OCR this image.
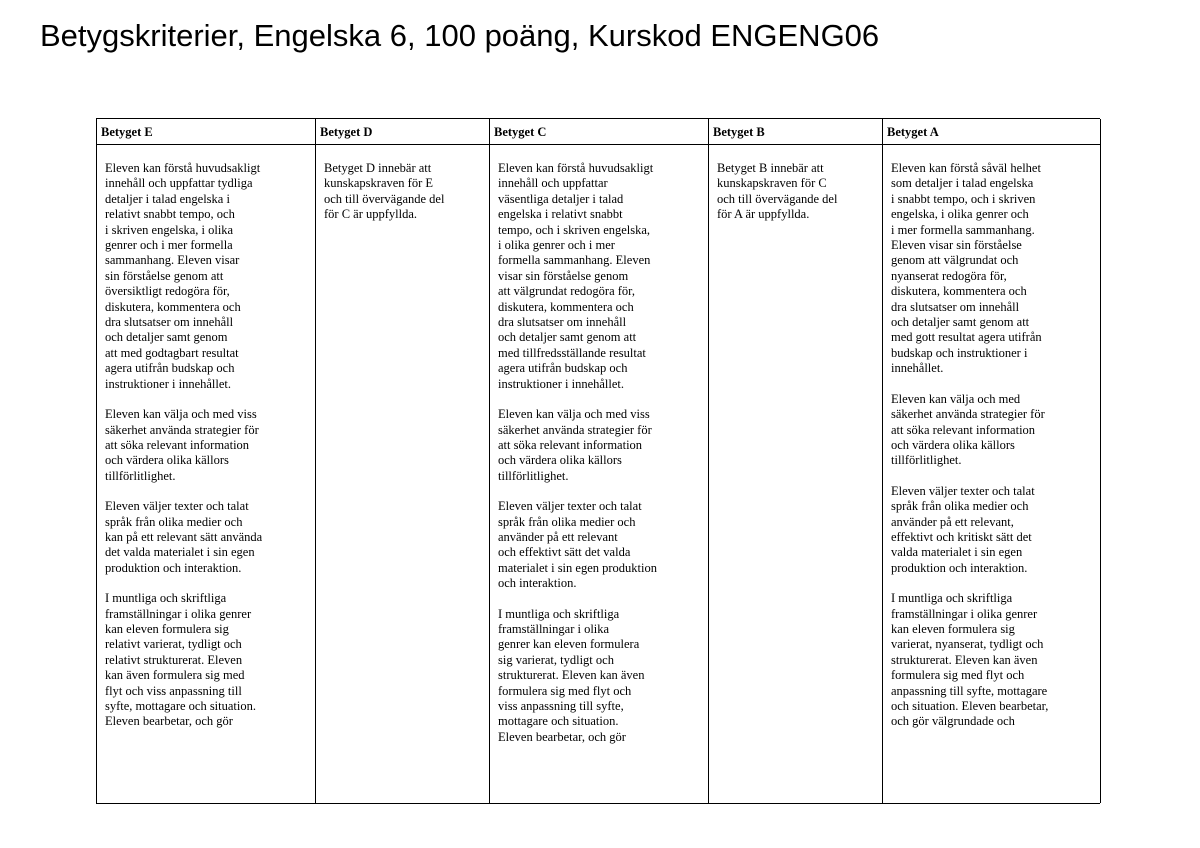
Betygskriterier, Engelska 6, 100 poäng, Kurskod ENGENG06
Betyget E

Eleven kan förstå huvudsakligt
innehåll och uppfattar tydliga
detaljer i talad engelska i
relativt snabbt tempo, och
i skriven engelska, i olika
genrer och i mer formella
sammanhang. Eleven visar
sin förståelse genom att
översiktligt redogöra för,
diskutera, kommentera och
dra slutsatser om innehåll
och detaljer samt genom
att med godtagbart resultat
agera utifrån budskap och
instruktioner i innehållet.

Eleven kan välja och med viss
säkerhet använda strategier för
att söka relevant information
och värdera olika källors
tillförlitlighet.

Eleven väljer texter och talat
språk från olika medier och
kan på ett relevant sätt använda
det valda materialet i sin egen
produktion och interaktion.

I muntliga och skriftliga
framställningar i olika genrer
kan eleven formulera sig
relativt varierat, tydligt och
relativt strukturerat. Eleven
kan även formulera sig med
flyt och viss anpassning till
syfte, mottagare och situation.
Eleven bearbetar, och gör

Betyget D

Betyget D innebär att
kunskapskraven för E
och till övervägande del
för C är uppfyllda.

Betyget C

Eleven kan förstå huvudsakligt
innehåll och uppfattar
väsentliga detaljer i talad
engelska i relativt snabbt
tempo, och i skriven engelska,
i olika genrer och i mer
formella sammanhang. Eleven
visar sin förståelse genom
att välgrundat redogöra för,
diskutera, kommentera och
dra slutsatser om innehåll
och detaljer samt genom att
med tillfredsställande resultat
agera utifrån budskap och
instruktioner i innehållet.

Eleven kan välja och med viss
säkerhet använda strategier för
att söka relevant information
och värdera olika källors
tillförlitlighet.

Eleven väljer texter och talat
språk från olika medier och
använder på ett relevant
och effektivt sätt det valda
materialet i sin egen produktion
och interaktion.

I muntliga och skriftliga
framställningar i olika
genrer kan eleven formulera
sig varierat, tydligt och
strukturerat. Eleven kan även
formulera sig med flyt och
viss anpassning till syfte,
mottagare och situation.
Eleven bearbetar, och gör

Betyget B

Betyget B innebär att
kunskapskraven för C
och till övervägande del
för A är uppfyllda.

Betyget A

Eleven kan förstå såväl helhet
som detaljer i talad engelska
i snabbt tempo, och i skriven
engelska, i olika genrer och
i mer formella sammanhang.
Eleven visar sin förståelse
genom att välgrundat och
nyanserat redogöra för,
diskutera, kommentera och
dra slutsatser om innehåll
och detaljer samt genom att
med gott resultat agera utifrån
budskap och instruktioner i
innehållet.

Eleven kan välja och med
säkerhet använda strategier för
att söka relevant information
och värdera olika källors
tillförlitlighet.

Eleven väljer texter och talat
språk från olika medier och
använder på ett relevant,
effektivt och kritiskt sätt det
valda materialet i sin egen
produktion och interaktion.

I muntliga och skriftliga
framställningar i olika genrer
kan eleven formulera sig
varierat, nyanserat, tydligt och
strukturerat. Eleven kan även
formulera sig med flyt och
anpassning till syfte, mottagare
och situation. Eleven bearbetar,
och gör välgrundade och
